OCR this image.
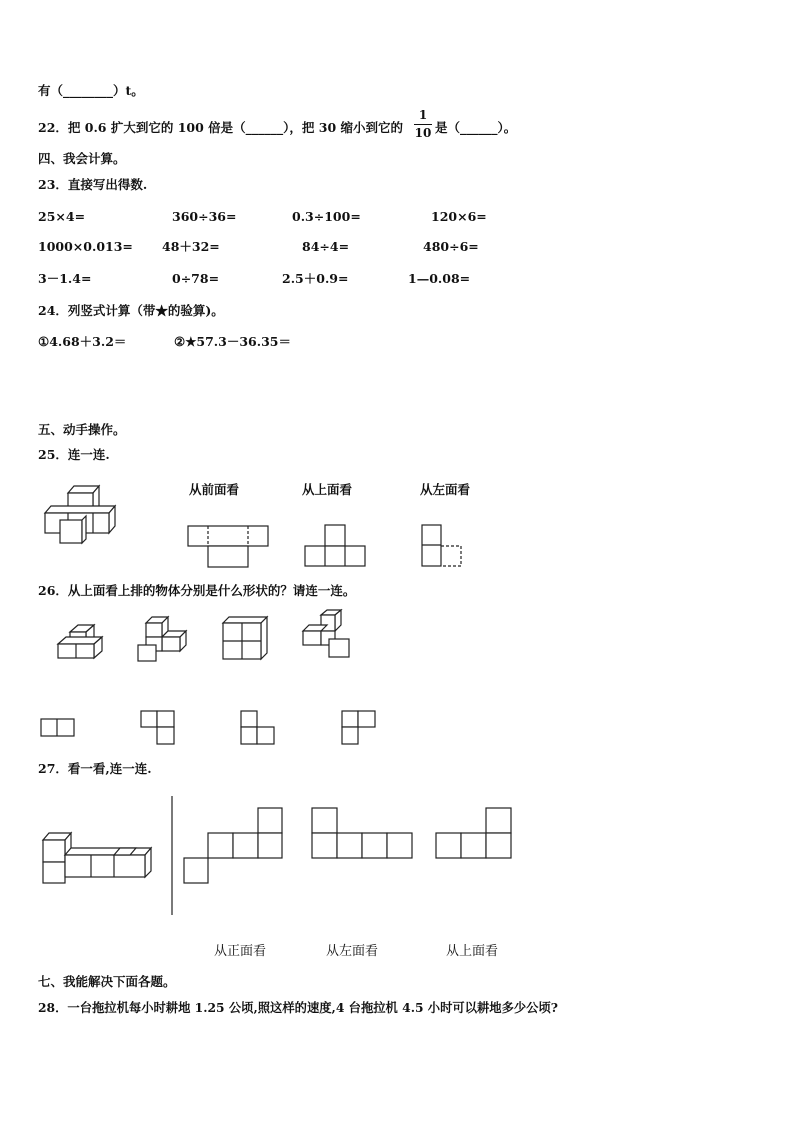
有（________）t。
22．把 0.6 扩大到它的 100 倍是（______），把 30 缩小到它的
1
10 是（______）。
四、我会计算。
23．直接写出得数.
25×4=	360÷36=	0.3÷100=	120×6=
1000×0.013= 48＋32=	84÷4=	480÷6=
3－1.4=	0÷78=	2.5＋0.9=	1—0.08=
24．列竖式计算（带★的验算)。
①4.68＋3.2＝	②★57.3－36.35＝
五、动手操作。
25．连一连.
从前面看	从上面看	从左面看
26．从上面看上排的物体分别是什么形状的？请连一连。
27．看一看,连一连.
从正面看	从左面看	从上面看
七、我能解决下面各题。
28．一台拖拉机每小时耕地 1.25 公顷,照这样的速度,4 台拖拉机 4.5 小时可以耕地多少公顷?
